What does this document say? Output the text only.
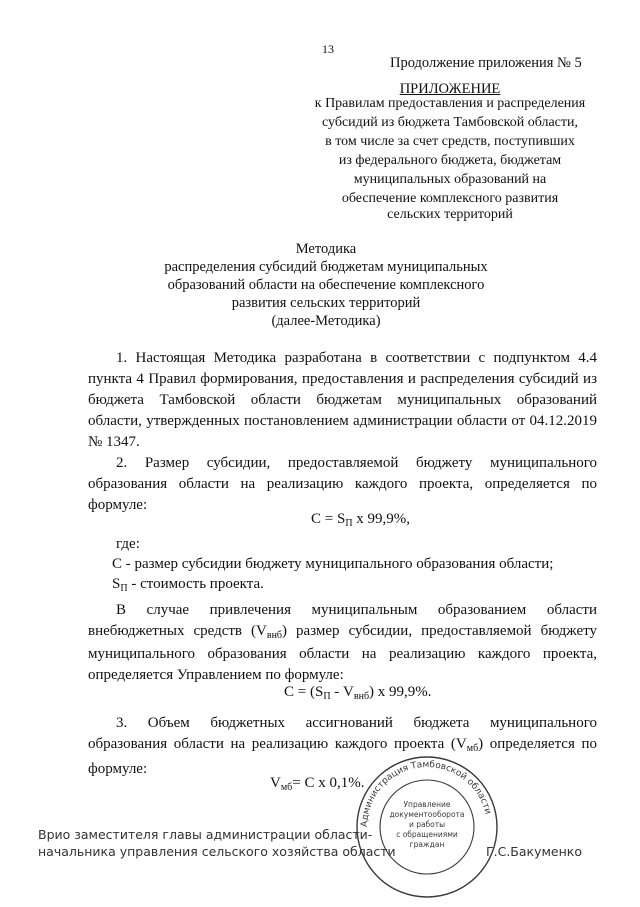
13
Продолжение приложения № 5
ПРИЛОЖЕНИЕ
к Правилам предоставления и распределения
субсидий из бюджета Тамбовской области,
в том числе за счет средств, поступивших
из федерального бюджета, бюджетам
муниципальных образований на
обеспечение комплексного развития
сельских территорий
Методика
распределения субсидий бюджетам муниципальных
образований области на обеспечение комплексного
развития сельских территорий
(далее-Методика)
1. Настоящая Методика разработана в соответствии с подпунктом 4.4
пункта 4 Правил формирования, предоставления и распределения субсидий из
бюджета Тамбовской области бюджетам муниципальных образований
области, утвержденных постановлением администрации области от 04.12.2019
№ 1347.
2. Размер субсидии, предоставляемой бюджету муниципального
образования области на реализацию каждого проекта, определяется по
формуле:
$С = S_П$ х 99,9%,
где:
С - размер субсидии бюджету муниципального образования области;
$S_П$ - стоимость проекта.
В случае привлечения муниципальным образованием области
внебюджетных средств $(V_{внб})$ размер субсидии, предоставляемой бюджету
муниципального образования области на реализацию каждого проекта,
определяется Управлением по формуле:
$С = (S_П - V_{внб})$ х 99,9%.
3. Объем бюджетных ассигнований бюджета муниципального
образования области на реализацию каждого проекта $(V_{мб})$ определяется по
формуле:
$V_{мб}= С$ х 0,1%.
Врио заместителя главы администрации области-
начальника управления сельского хозяйства области	Г.С.Бакуменко
Администрация Тамбовской области
Управление
документооборота
и работы
с обращениями
граждан
